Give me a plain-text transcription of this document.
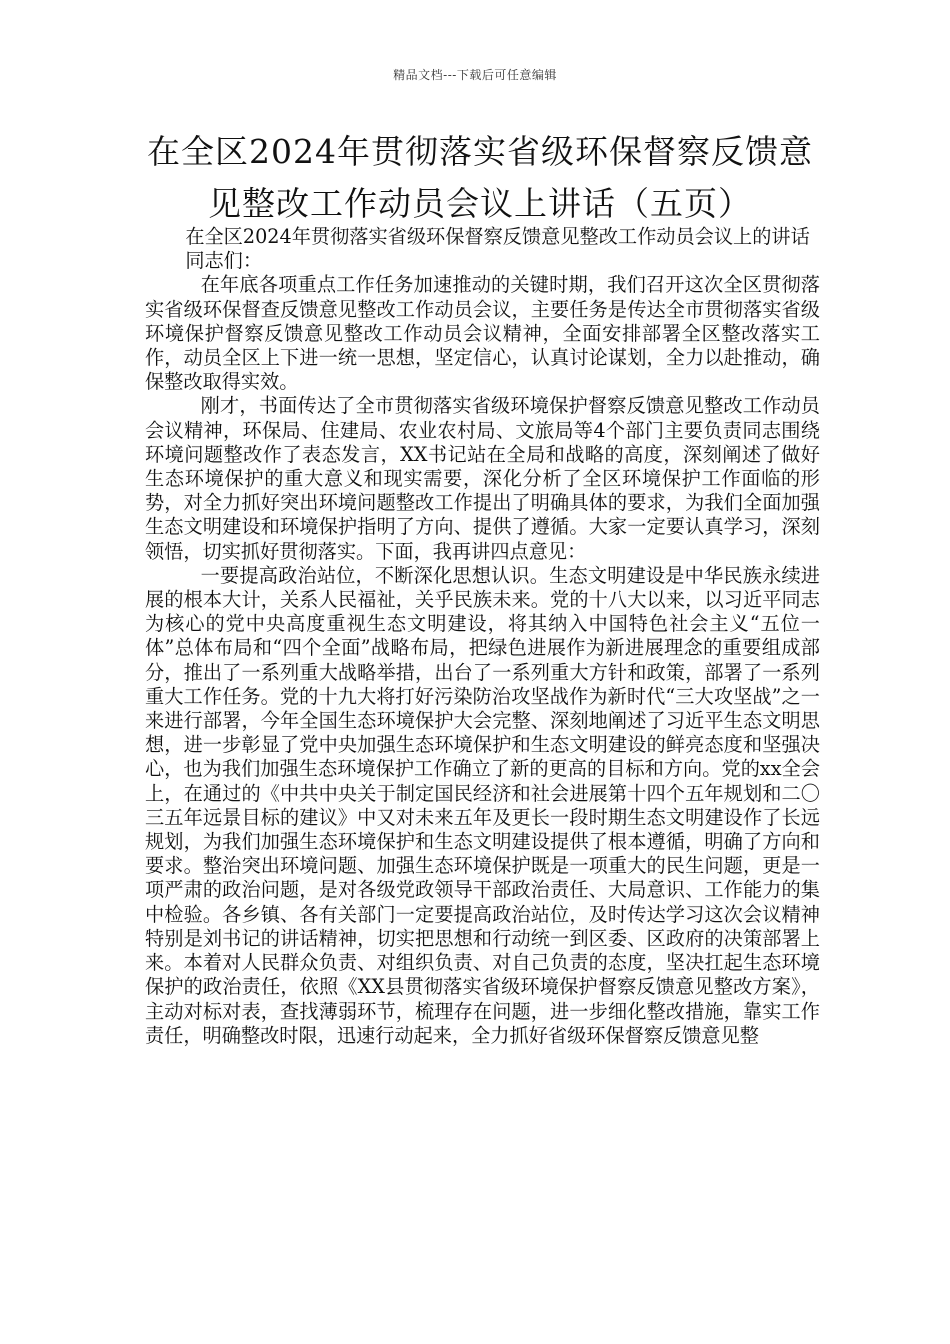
精品文档---下载后可任意编辑
在全区2024年贯彻落实省级环保督察反馈意见整改工作动员会议上讲话（五页）

在全区2024年贯彻落实省级环保督察反馈意见整改工作动员会议上的讲话

同志们：

在年底各项重点工作任务加速推动的关键时期，我们召开这次全区贯彻落实省级环保督查反馈意见整改工作动员会议，主要任务是传达全市贯彻落实省级环境保护督察反馈意见整改工作动员会议精神，全面安排部署全区整改落实工作，动员全区上下进一统一思想，坚定信心，认真讨论谋划，全力以赴推动，确保整改取得实效。

刚才，书面传达了全市贯彻落实省级环境保护督察反馈意见整改工作动员会议精神，环保局、住建局、农业农村局、文旅局等4个部门主要负责同志围绕环境问题整改作了表态发言，XX书记站在全局和战略的高度，深刻阐述了做好生态环境保护的重大意义和现实需要，深化分析了全区环境保护工作面临的形势，对全力抓好突出环境问题整改工作提出了明确具体的要求，为我们全面加强生态文明建设和环境保护指明了方向、提供了遵循。大家一定要认真学习，深刻领悟，切实抓好贯彻落实。下面，我再讲四点意见：

一要提高政治站位，不断深化思想认识。生态文明建设是中华民族永续进展的根本大计，关系人民福祉，关乎民族未来。党的十八大以来，以习近平同志为核心的党中央高度重视生态文明建设，将其纳入中国特色社会主义“五位一体”总体布局和“四个全面”战略布局，把绿色进展作为新进展理念的重要组成部分，推出了一系列重大战略举措，出台了一系列重大方针和政策，部署了一系列重大工作任务。党的十九大将打好污染防治攻坚战作为新时代“三大攻坚战”之一来进行部署，今年全国生态环境保护大会完整、深刻地阐述了习近平生态文明思想，进一步彰显了党中央加强生态环境保护和生态文明建设的鲜亮态度和坚强决心，也为我们加强生态环境保护工作确立了新的更高的目标和方向。党的xx全会上，在通过的《中共中央关于制定国民经济和社会进展第十四个五年规划和二〇三五年远景目标的建议》中又对未来五年及更长一段时期生态文明建设作了长远规划，为我们加强生态环境保护和生态文明建设提供了根本遵循，明确了方向和要求。整治突出环境问题、加强生态环境保护既是一项重大的民生问题，更是一项严肃的政治问题，是对各级党政领导干部政治责任、大局意识、工作能力的集中检验。各乡镇、各有关部门一定要提高政治站位，及时传达学习这次会议精神特别是刘书记的讲话精神，切实把思想和行动统一到区委、区政府的决策部署上来。本着对人民群众负责、对组织负责、对自己负责的态度，坚决扛起生态环境保护的政治责任，依照《XX县贯彻落实省级环境保护督察反馈意见整改方案》，主动对标对表，查找薄弱环节，梳理存在问题，进一步细化整改措施，靠实工作责任，明确整改时限，迅速行动起来，全力抓好省级环保督察反馈意见整
